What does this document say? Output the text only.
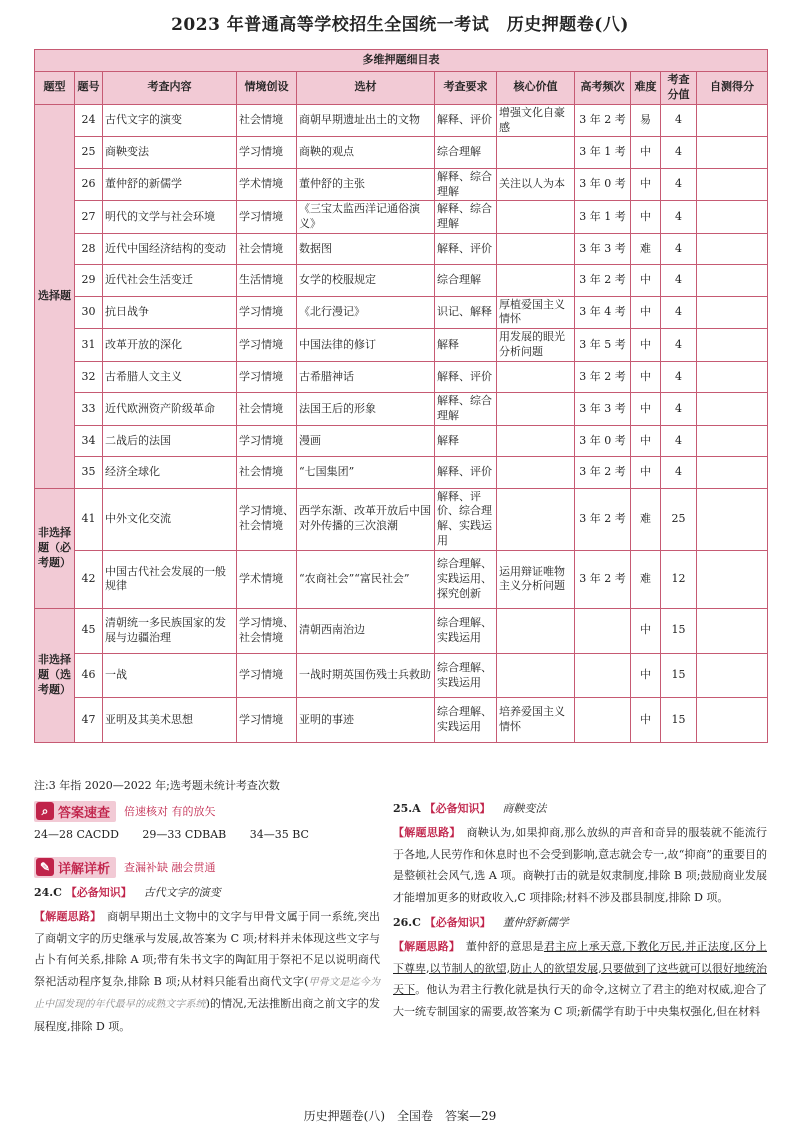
2023 年普通高等学校招生全国统一考试　历史押题卷(八)
多维押题细目表										
题型	题号	考查内容	情境创设	选材	考查要求	核心价值	高考频次	难度	考查分值	自测得分
选择题	24	古代文字的演变	社会情境	商朝早期遗址出土的文物	解释、评价	增强文化自豪感	3 年 2 考	易	4	
	25	商鞅变法	学习情境	商鞅的观点	综合理解		3 年 1 考	中	4	
	26	董仲舒的新儒学	学术情境	董仲舒的主张	解释、综合理解	关注以人为本	3 年 0 考	中	4	
	27	明代的文学与社会环境	学习情境	《三宝太监西洋记通俗演义》	解释、综合理解		3 年 1 考	中	4	
	28	近代中国经济结构的变动	社会情境	数据图	解释、评价		3 年 3 考	难	4	
	29	近代社会生活变迁	生活情境	女学的校服规定	综合理解		3 年 2 考	中	4	
	30	抗日战争	学习情境	《北行漫记》	识记、解释	厚植爱国主义情怀	3 年 4 考	中	4	
	31	改革开放的深化	学习情境	中国法律的修订	解释	用发展的眼光分析问题	3 年 5 考	中	4	
	32	古希腊人文主义	学习情境	古希腊神话	解释、评价		3 年 2 考	中	4	
	33	近代欧洲资产阶级革命	社会情境	法国王后的形象	解释、综合理解		3 年 3 考	中	4	
	34	二战后的法国	学习情境	漫画	解释		3 年 0 考	中	4	
	35	经济全球化	社会情境	“七国集团”	解释、评价		3 年 2 考	中	4	
非选择题（必考题）	41	中外文化交流	学习情境、社会情境	西学东渐、改革开放后中国对外传播的三次浪潮	解释、评价、综合理解、实践运用		3 年 2 考	难	25	
	42	中国古代社会发展的一般规律	学术情境	“农商社会”“富民社会”	综合理解、实践运用、探究创新	运用辩证唯物主义分析问题	3 年 2 考	难	12	
非选择题（选考题）	45	清朝统一多民族国家的发展与边疆治理	学习情境、社会情境	清朝西南治边	综合理解、实践运用			中	15	
	46	一战	学习情境	一战时期英国伤残士兵救助	综合理解、实践运用			中	15	
	47	亚明及其美术思想	学习情境	亚明的事迹	综合理解、实践运用	培养爱国主义情怀		中	15	
注:3 年指 2020—2022 年;选考题未统计考查次数
⌕ 答案速查 倍速核对 有的放矢
24—28 CACDD 29—33 CDBAB 34—35 BC
✎ 详解详析 查漏补缺 融会贯通
24.C 【必备知识】 古代文字的演变
【解题思路】　 商朝早期出土文物中的文字与甲骨文属于同一系统,突出了商朝文字的历史继承与发展,故答案为 C 项;材料并未体现这些文字与占卜有何关系,排除 A 项;带有朱书文字的陶缸用于祭祀不足以说明商代祭祀活动程序复杂,排除 B 项;从材料只能看出商代文字(甲骨文是迄今为止中国发现的年代最早的成熟文字系统)的情况,无法推断出商之前文字的发展程度,排除 D 项。
25.A 【必备知识】 商鞅变法
【解题思路】　 商鞅认为,如果抑商,那么放纵的声音和奇异的服装就不能流行于各地,人民劳作和休息时也不会受到影响,意志就会专一,故“抑商”的重要目的是整顿社会风气,选 A 项。商鞅打击的就是奴隶制度,排除 B 项;鼓励商业发展才能增加更多的财政收入,C 项排除;材料不涉及郡县制度,排除 D 项。
26.C 【必备知识】 董仲舒新儒学
【解题思路】　 董仲舒的意思是君主应上承天意,下教化万民,并正法度,区分上下尊卑,以节制人的欲望,防止人的欲望发展,只要做到了这些就可以很好地统治天下。他认为君主行教化就是执行天的命令,这树立了君主的绝对权威,迎合了大一统专制国家的需要,故答案为 C 项;新儒学有助于中央集权强化,但在材料
历史押题卷(八)　全国卷　答案—29
